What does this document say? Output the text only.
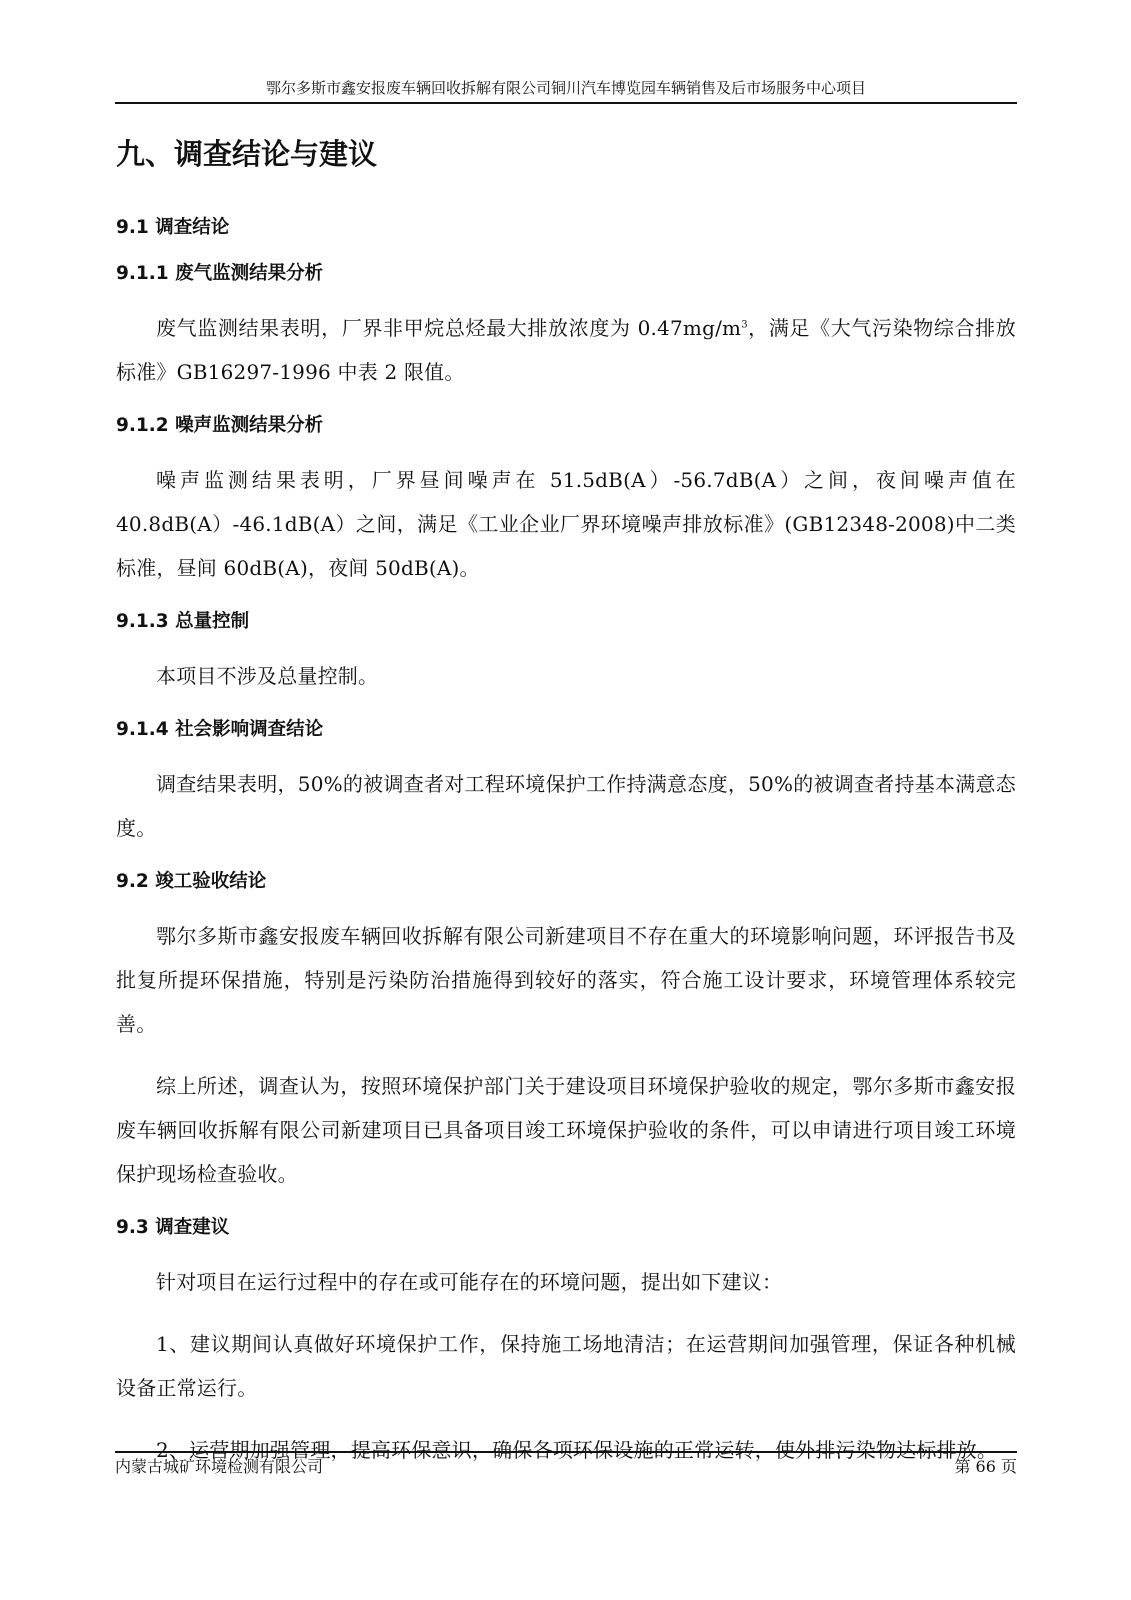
鄂尔多斯市鑫安报废车辆回收拆解有限公司铜川汽车博览园车辆销售及后市场服务中心项目
九、调查结论与建议
9.1 调查结论
9.1.1 废气监测结果分析

废气监测结果表明，厂界非甲烷总烃最大排放浓度为 $0.47mg/m^3$，满足《大气污染物综合排放标准》GB16297-1996 中表 2 限值。

9.1.2 噪声监测结果分析

噪声监测结果表明，厂界昼间噪声在 51.5dB(A）-56.7dB(A）之间，夜间噪声值在 40.8dB(A）-46.1dB(A）之间，满足《工业企业厂界环境噪声排放标准》(GB12348-2008)中二类标准，昼间 60dB(A)，夜间 50dB(A)。

9.1.3 总量控制

本项目不涉及总量控制。

9.1.4 社会影响调查结论

调查结果表明，50%的被调查者对工程环境保护工作持满意态度，50%的被调查者持基本满意态度。

9.2 竣工验收结论

鄂尔多斯市鑫安报废车辆回收拆解有限公司新建项目不存在重大的环境影响问题，环评报告书及批复所提环保措施，特别是污染防治措施得到较好的落实，符合施工设计要求，环境管理体系较完善。

综上所述，调查认为，按照环境保护部门关于建设项目环境保护验收的规定，鄂尔多斯市鑫安报废车辆回收拆解有限公司新建项目已具备项目竣工环境保护验收的条件，可以申请进行项目竣工环境保护现场检查验收。

9.3 调查建议

针对项目在运行过程中的存在或可能存在的环境问题，提出如下建议：

1、建议期间认真做好环境保护工作，保持施工场地清洁；在运营期间加强管理，保证各种机械设备正常运行。

2、运营期加强管理，提高环保意识，确保各项环保设施的正常运转，使外排污染物达标排放。

内蒙古城矿环境检测有限公司	第 66 页
